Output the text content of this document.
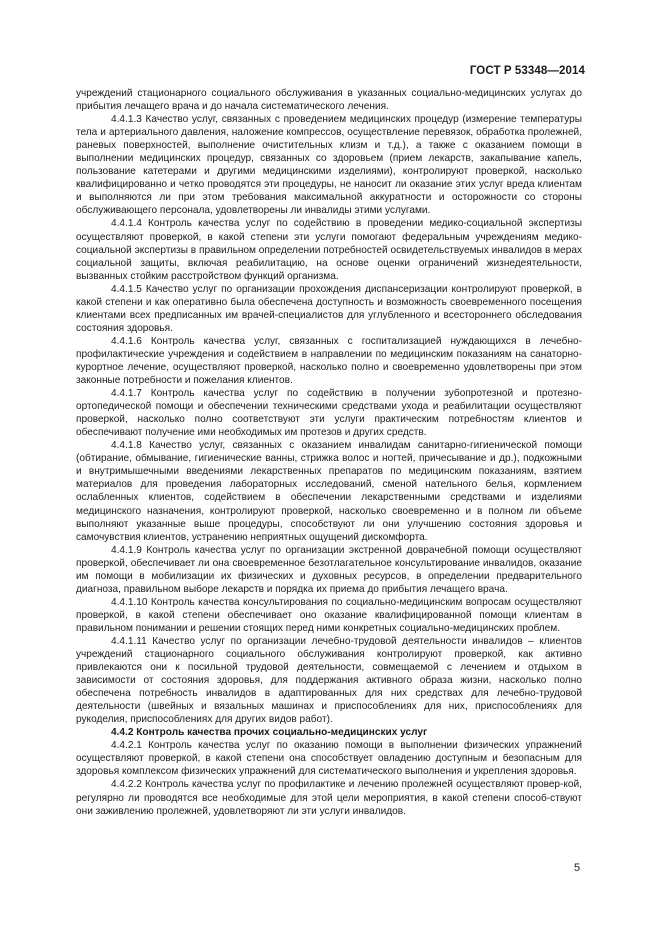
ГОСТ Р 53348—2014

учреждений стационарного социального обслуживания в указанных социально-медицинских услугах до прибытия лечащего врача и до начала систематического лечения.

4.4.1.3 Качество услуг, связанных с проведением медицинских процедур (измерение температуры тела и артериального давления, наложение компрессов, осуществление перевязок, обработка пролежней, раневых поверхностей, выполнение очистительных клизм и т.д.), а также с оказанием помощи в выполнении медицинских процедур, связанных со здоровьем (прием лекарств, закапывание капель, пользование катетерами и другими медицинскими изделиями), контролируют проверкой, насколько квалифицированно и четко проводятся эти процедуры, не наносит ли оказание этих услуг вреда клиентам и выполняются ли при этом требования максимальной аккуратности и осторожности со стороны обслуживающего персонала, удовлетворены ли инвалиды этими услугами.

4.4.1.4 Контроль качества услуг по содействию в проведении медико-социальной экспертизы осуществляют проверкой, в какой степени эти услуги помогают федеральным учреждениям медико-социальной экспертизы в правильном определении потребностей освидетельствуемых инвалидов в мерах социальной защиты, включая реабилитацию, на основе оценки ограничений жизнедеятельности, вызванных стойким расстройством функций организма.

4.4.1.5 Качество услуг по организации прохождения диспансеризации контролируют проверкой, в какой степени и как оперативно была обеспечена доступность и возможность своевременного посещения клиентами всех предписанных им врачей-специалистов для углубленного и всестороннего обследования состояния здоровья.

4.4.1.6 Контроль качества услуг, связанных с госпитализацией нуждающихся в лечебно-профилактические учреждения и содействием в направлении по медицинским показаниям на санаторно-курортное лечение, осуществляют проверкой, насколько полно и своевременно удовлетворены при этом законные потребности и пожелания клиентов.

4.4.1.7 Контроль качества услуг по содействию в получении зубопротезной и протезно-ортопедической помощи и обеспечении техническими средствами ухода и реабилитации осуществляют проверкой, насколько полно соответствуют эти услуги практическим потребностям клиентов и обеспечивают получение ими необходимых им протезов и других средств.

4.4.1.8 Качество услуг, связанных с оказанием инвалидам санитарно-гигиенической помощи (обтирание, обмывание, гигиенические ванны, стрижка волос и ногтей, причесывание и др.), подкожными и внутримышечными введениями лекарственных препаратов по медицинским показаниям, взятием материалов для проведения лабораторных исследований, сменой нательного белья, кормлением ослабленных клиентов, содействием в обеспечении лекарственными средствами и изделиями медицинского назначения, контролируют проверкой, насколько своевременно и в полном ли объеме выполняют указанные выше процедуры, способствуют ли они улучшению состояния здоровья и самочувствия клиентов, устранению неприятных ощущений дискомфорта.

4.4.1.9 Контроль качества услуг по организации экстренной доврачебной помощи осуществляют проверкой, обеспечивает ли она своевременное безотлагательное консультирование инвалидов, оказание им помощи в мобилизации их физических и духовных ресурсов, в определении предварительного диагноза, правильном выборе лекарств и порядка их приема до прибытия лечащего врача.

4.4.1.10 Контроль качества консультирования по социально-медицинским вопросам осуществляют проверкой, в какой степени обеспечивает оно оказание квалифицированной помощи клиентам в правильном понимании и решении стоящих перед ними конкретных социально-медицинских проблем.

4.4.1.11 Качество услуг по организации лечебно-трудовой деятельности инвалидов – клиентов учреждений стационарного социального обслуживания контролируют проверкой, как активно привлекаются они к посильной трудовой деятельности, совмещаемой с лечением и отдыхом в зависимости от состояния здоровья, для поддержания активного образа жизни, насколько полно обеспечена потребность инвалидов в адаптированных для них средствах для лечебно-трудовой деятельности (швейных и вязальных машинах и приспособлениях для них, приспособлениях для рукоделия, приспособлениях для других видов работ).

4.4.2 Контроль качества прочих социально-медицинских услуг

4.4.2.1 Контроль качества услуг по оказанию помощи в выполнении физических упражнений осуществляют проверкой, в какой степени она способствует овладению доступным и безопасным для здоровья комплексом физических упражнений для систематического выполнения и укрепления здоровья.

4.4.2.2 Контроль качества услуг по профилактике и лечению пролежней осуществляют провер-кой, регулярно ли проводятся все необходимые для этой цели мероприятия, в какой степени способ-ствуют они заживлению пролежней, удовлетворяют ли эти услуги инвалидов.

5
